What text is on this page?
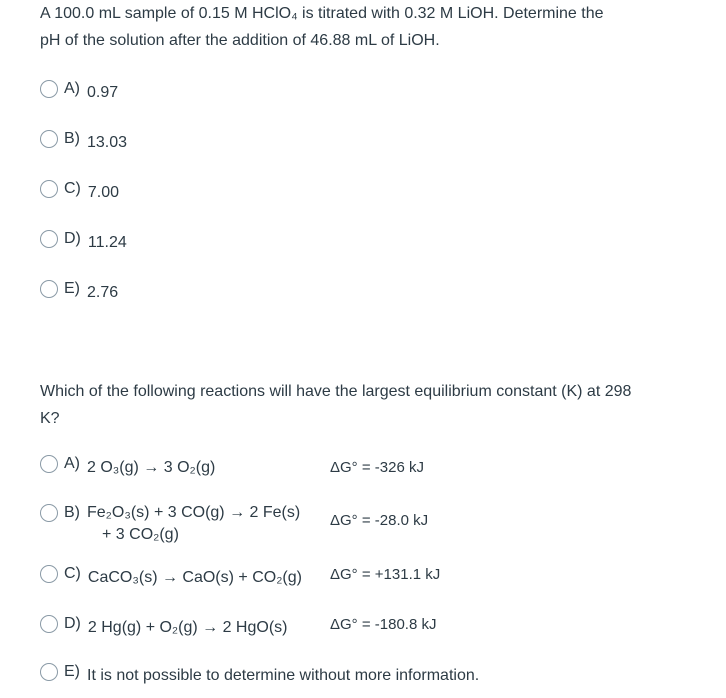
A 100.0 mL sample of 0.15 M HClO₄ is titrated with 0.32 M LiOH. Determine the
pH of the solution after the addition of 46.88 mL of LiOH.

A) 0.97
B) 13.03
C) 7.00
D) 11.24
E) 2.76

Which of the following reactions will have the largest equilibrium constant (K) at 298
K?

A) 2 O₃(g) → 3 O₂(g)	ΔG° = -326 kJ
B) Fe₂O₃(s) + 3 CO(g) → 2 Fe(s)
+ 3 CO₂(g)
ΔG° = -28.0 kJ
C) CaCO₃(s) → CaO(s) + CO₂(g) ΔG° = +131.1 kJ
D) 2 Hg(g) + O₂(g) → 2 HgO(s)	ΔG° = -180.8 kJ
E) It is not possible to determine without more information.
